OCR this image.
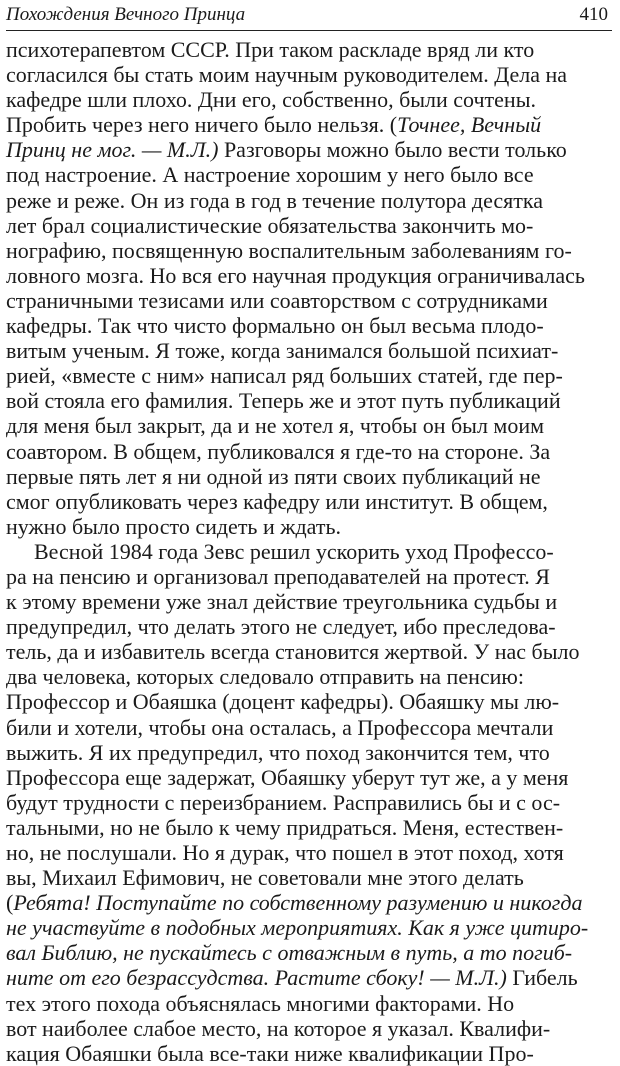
Похождения Вечного Принца	410
психотерапевтом СССР. При таком раскладе вряд ли кто
согласился бы стать моим научным руководителем. Дела на
кафедре шли плохо. Дни его, собственно, были сочтены.
Пробить через него ничего было нельзя. (Точнее, Вечный
Принц не мог. — М.Л.) Разговоры можно было вести только
под настроение. А настроение хорошим у него было все
реже и реже. Он из года в год в течение полутора десятка
лет брал социалистические обязательства закончить мо-
нографию, посвященную воспалительным заболеваниям го-
ловного мозга. Но вся его научная продукция ограничивалась
страничными тезисами или соавторством с сотрудниками
кафедры. Так что чисто формально он был весьма плодо-
витым ученым. Я тоже, когда занимался большой психиат-
рией, «вместе с ним» написал ряд больших статей, где пер-
вой стояла его фамилия. Теперь же и этот путь публикаций
для меня был закрыт, да и не хотел я, чтобы он был моим
соавтором. В общем, публиковался я где-то на стороне. За
первые пять лет я ни одной из пяти своих публикаций не
смог опубликовать через кафедру или институт. В общем,
нужно было просто сидеть и ждать.
Весной 1984 года Зевс решил ускорить уход Профессо-
ра на пенсию и организовал преподавателей на протест. Я
к этому времени уже знал действие треугольника судьбы и
предупредил, что делать этого не следует, ибо преследова-
тель, да и избавитель всегда становится жертвой. У нас было
два человека, которых следовало отправить на пенсию:
Профессор и Обаяшка (доцент кафедры). Обаяшку мы лю-
били и хотели, чтобы она осталась, а Профессора мечтали
выжить. Я их предупредил, что поход закончится тем, что
Профессора еще задержат, Обаяшку уберут тут же, а у меня
будут трудности с переизбранием. Расправились бы и с ос-
тальными, но не было к чему придраться. Меня, естествен-
но, не послушали. Но я дурак, что пошел в этот поход, хотя
вы, Михаил Ефимович, не советовали мне этого делать
(Ребята! Поступайте по собственному разумению и никогда
не участвуйте в подобных мероприятиях. Как я уже цитиро-
вал Библию, не пускайтесь с отважным в путь, а то погиб-
ните от его безрассудства. Растите сбоку! — М.Л.) Гибель
тех этого похода объяснялась многими факторами. Но
вот наиболее слабое место, на которое я указал. Квалифи-
кация Обаяшки была все-таки ниже квалификации Про-
